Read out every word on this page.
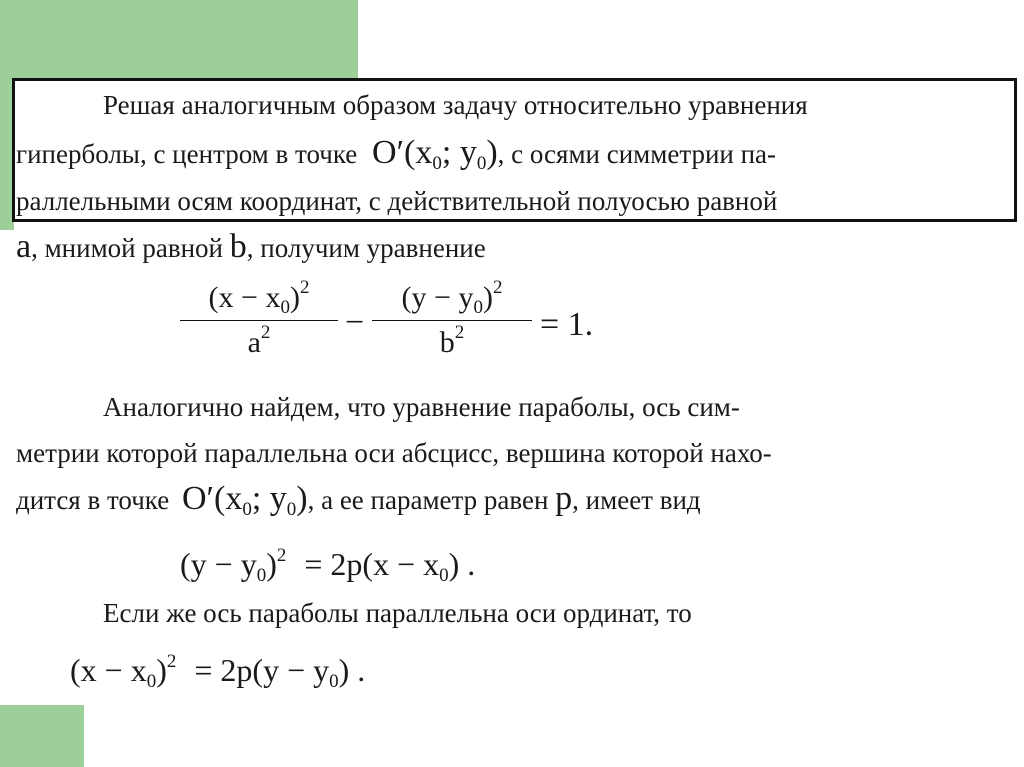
Решая аналогичным образом задачу относительно уравнения
гиперболы, с центром в точке $O'(x_0$; $y_0$), с осями симметрии па-
раллельными осям координат, с действительной полуосью равной
a, мнимой равной b, получим уравнение
$(x - x_0)^2$
$a^2$	−
$(y - y_0)^2$
$b^2$	= 1.
Аналогично найдем, что уравнение параболы, ось сим-
метрии которой параллельна оси абсцисс, вершина которой нахо-
дится в точке $O'(x_0$; $y_0$), а ее параметр равен p, имеет вид
$(y - y_0)^2 = 2p(x - x_0)$ .
Если же ось параболы параллельна оси ординат, то
$(x - x_0)^2 = 2p(y - y_0)$ .
